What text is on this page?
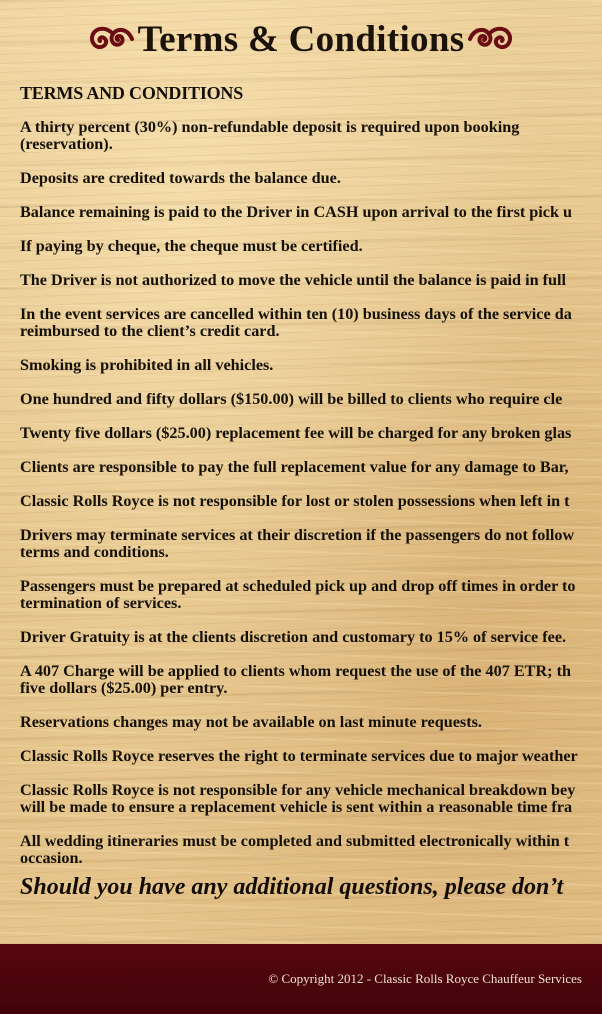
Terms & Conditions
TERMS AND CONDITIONS
A thirty percent (30%) non-refundable deposit is required upon booking
(reservation).
Deposits are credited towards the balance due.
Balance remaining is paid to the Driver in CASH upon arrival to the first pick u
If paying by cheque, the cheque must be certified.
The Driver is not authorized to move the vehicle until the balance is paid in full
In the event services are cancelled within ten (10) business days of the service da
reimbursed to the client’s credit card.
Smoking is prohibited in all vehicles.
One hundred and fifty dollars ($150.00) will be billed to clients who require cle
Twenty five dollars ($25.00) replacement fee will be charged for any broken glas
Clients are responsible to pay the full replacement value for any damage to Bar,
Classic Rolls Royce is not responsible for lost or stolen possessions when left in t
Drivers may terminate services at their discretion if the passengers do not follow
terms and conditions.
Passengers must be prepared at scheduled pick up and drop off times in order to
termination of services.
Driver Gratuity is at the clients discretion and customary to 15% of service fee.
A 407 Charge will be applied to clients whom request the use of the 407 ETR; th
five dollars ($25.00) per entry.
Reservations changes may not be available on last minute requests.
Classic Rolls Royce reserves the right to terminate services due to major weather
Classic Rolls Royce is not responsible for any vehicle mechanical breakdown bey
will be made to ensure a replacement vehicle is sent within a reasonable time fra
All wedding itineraries must be completed and submitted electronically within t
occasion.
Should you have any additional questions, please don’t
© Copyright 2012 - Classic Rolls Royce Chauffeur Services
